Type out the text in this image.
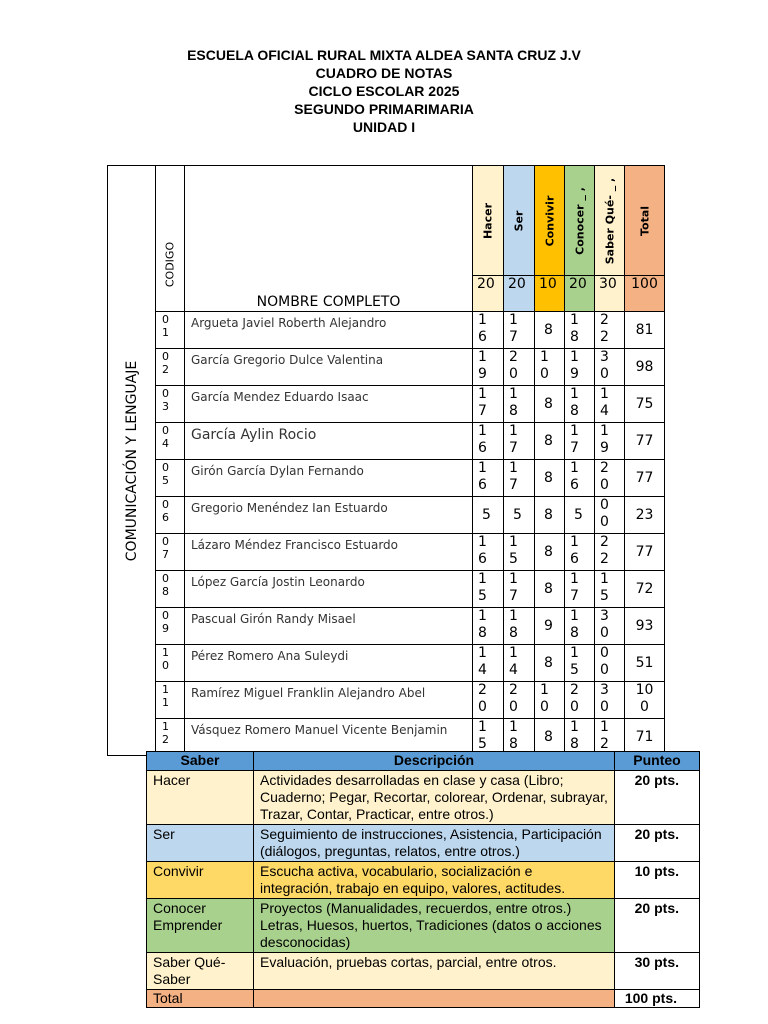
ESCUELA OFICIAL RURAL MIXTA ALDEA SANTA CRUZ J.V
CUADRO DE NOTAS
CICLO ESCOLAR 2025
SEGUNDO PRIMARIMARIA
UNIDAD I
COMUNICACIÓN Y LENGUAJE	CODIGO	NOMBRE COMPLETO	Hacer	Ser	Convivir	Conocer _ ,	Saber Qué- _ ,	Total

			20	20	10	20	30	100

	01	Argueta Javiel Roberth Alejandro	16	17	8	18	22	81

	02	García Gregorio Dulce Valentina	19	20	10	19	30	98

	03	García Mendez Eduardo Isaac	17	18	8	18	14	75

	04	García Aylin Rocio	16	17	8	17	19	77

	05	Girón García Dylan Fernando	16	17	8	16	20	77

	06	Gregorio Menéndez Ian Estuardo	5	5	8	5	00	23

	07	Lázaro Méndez Francisco Estuardo	16	15	8	16	22	77

	08	López García Jostin Leonardo	15	17	8	17	15	72

	09	Pascual Girón Randy Misael	18	18	9	18	30	93

	10	Pérez Romero Ana Suleydi	14	14	8	15	00	51

	11	Ramírez Miguel Franklin Alejandro Abel	20	20	10	20	30	100

	12	Vásquez Romero Manuel Vicente Benjamin	15	18	8	18	12	71
Saber	Descripción	Punteo
Hacer	Actividades desarrolladas en clase y casa (Libro; Cuaderno; Pegar, Recortar, colorear, Ordenar, subrayar, Trazar, Contar, Practicar, entre otros.)	20 pts.
Ser	Seguimiento de instrucciones, Asistencia, Participación (diálogos, preguntas, relatos, entre otros.)	20 pts.
Convivir	Escucha activa, vocabulario, socialización e integración, trabajo en equipo, valores, actitudes.	10 pts.
Conocer Emprender	Proyectos (Manualidades, recuerdos, entre otros.) Letras, Huesos, huertos, Tradiciones (datos o acciones desconocidas)	20 pts.
Saber Qué-Saber	Evaluación, pruebas cortas, parcial, entre otros.	30 pts.
Total		100 pts.
